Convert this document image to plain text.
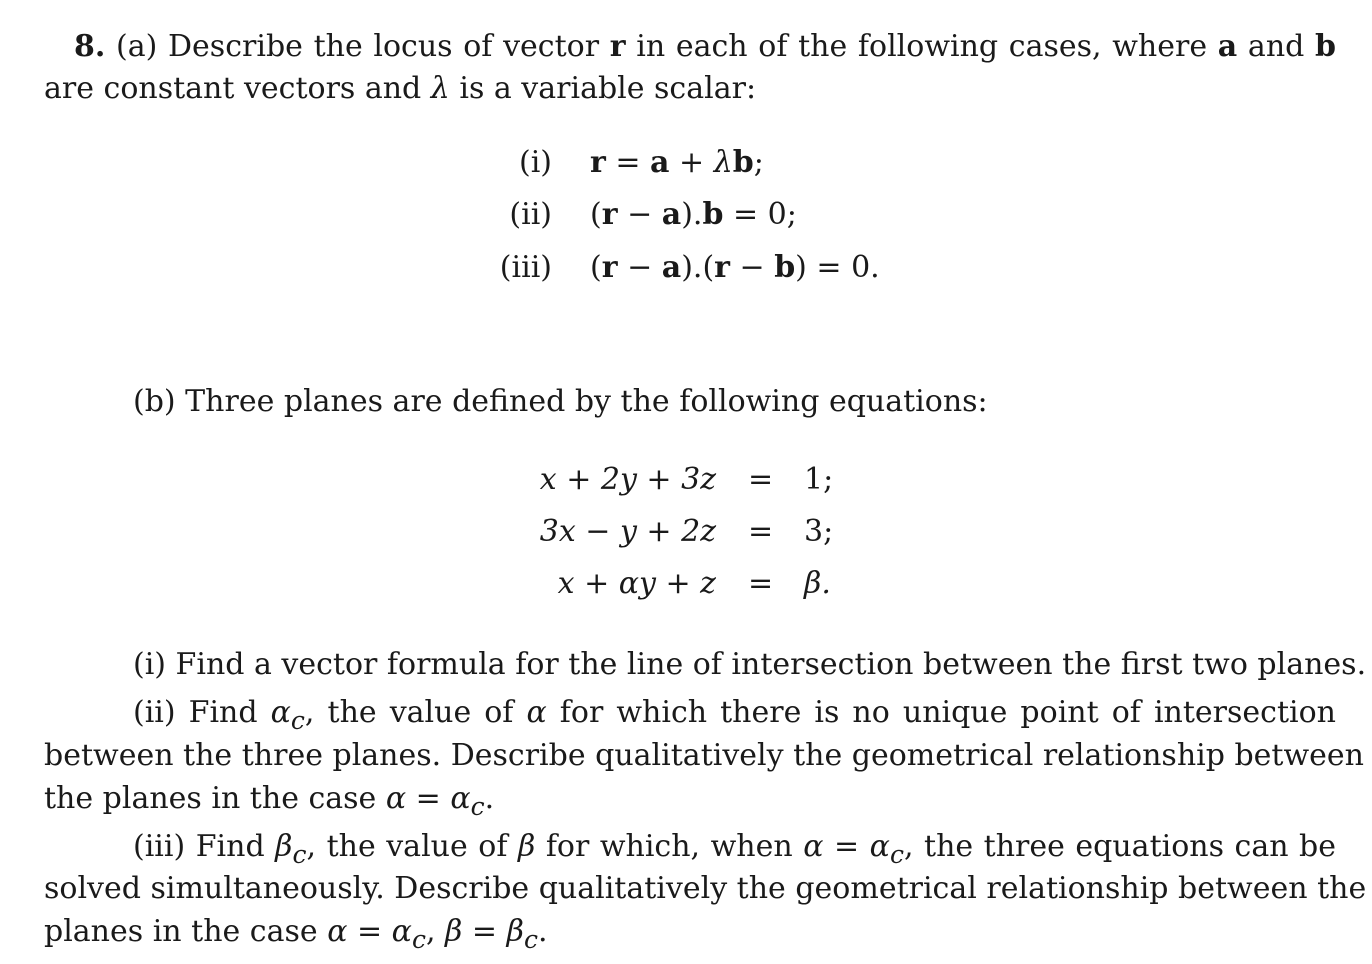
8. (a) Describe the locus of vector r in each of the following cases, where a and b
are constant vectors and λ is a variable scalar:
(i) r = a + λb;
(ii) (r − a).b = 0;
(iii) (r − a).(r − b) = 0.
(b) Three planes are defined by the following equations:
x + 2y + 3z = 1;
3x − y + 2z = 3;
x + αy + z = β.
(i) Find a vector formula for the line of intersection between the first two planes.
(ii) Find $\alpha_c$, the value of α for which there is no unique point of intersection
between the three planes. Describe qualitatively the geometrical relationship between
the planes in the case $\alpha = \alpha_c$.
(iii) Find $\beta_c$, the value of β for which, when $\alpha = \alpha_c$, the three equations can be
solved simultaneously. Describe qualitatively the geometrical relationship between the
planes in the case $\alpha = \alpha_c$, $\beta = \beta_c$.
